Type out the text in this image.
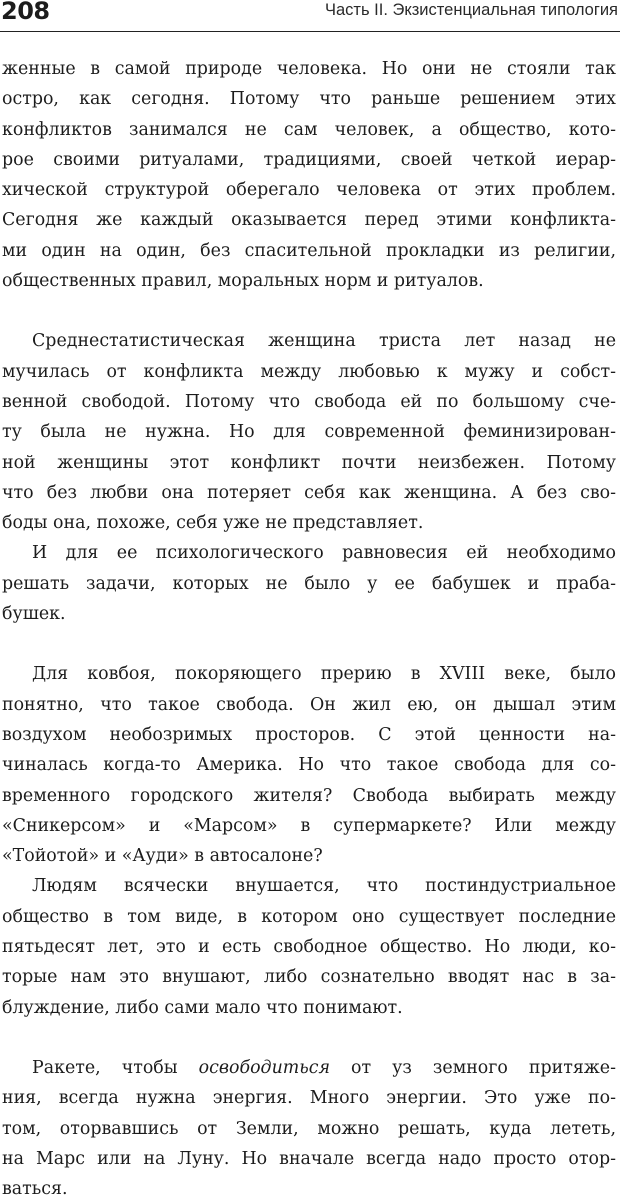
208	Часть II. Экзистенциальная типология

женные в самой природе человека. Но они не стояли так
остро, как сегодня. Потому что раньше решением этих
конфликтов занимался не сам человек, а общество, кото-
рое своими ритуалами, традициями, своей четкой иерар-
хической структурой оберегало человека от этих проблем.
Сегодня же каждый оказывается перед этими конфликта-
ми один на один, без спасительной прокладки из религии,
общественных правил, моральных норм и ритуалов.

Среднестатистическая женщина триста лет назад не
мучилась от конфликта между любовью к мужу и собст-
венной свободой. Потому что свобода ей по большому сче-
ту была не нужна. Но для современной феминизирован-
ной женщины этот конфликт почти неизбежен. Потому
что без любви она потеряет себя как женщина. А без сво-
боды она, похоже, себя уже не представляет.

И для ее психологического равновесия ей необходимо
решать задачи, которых не было у ее бабушек и праба-
бушек.

Для ковбоя, покоряющего прерию в XVIII веке, было
понятно, что такое свобода. Он жил ею, он дышал этим
воздухом необозримых просторов. С этой ценности на-
чиналась когда-то Америка. Но что такое свобода для со-
временного городского жителя? Свобода выбирать между
«Сникерсом» и «Марсом» в супермаркете? Или между
«Тойотой» и «Ауди» в автосалоне?

Людям всячески внушается, что постиндустриальное
общество в том виде, в котором оно существует последние
пятьдесят лет, это и есть свободное общество. Но люди, ко-
торые нам это внушают, либо сознательно вводят нас в за-
блуждение, либо сами мало что понимают.

Ракете, чтобы освободиться от уз земного притяже-
ния, всегда нужна энергия. Много энергии. Это уже по-
том, оторвавшись от Земли, можно решать, куда лететь,
на Марс или на Луну. Но вначале всегда надо просто отор-
ваться.
